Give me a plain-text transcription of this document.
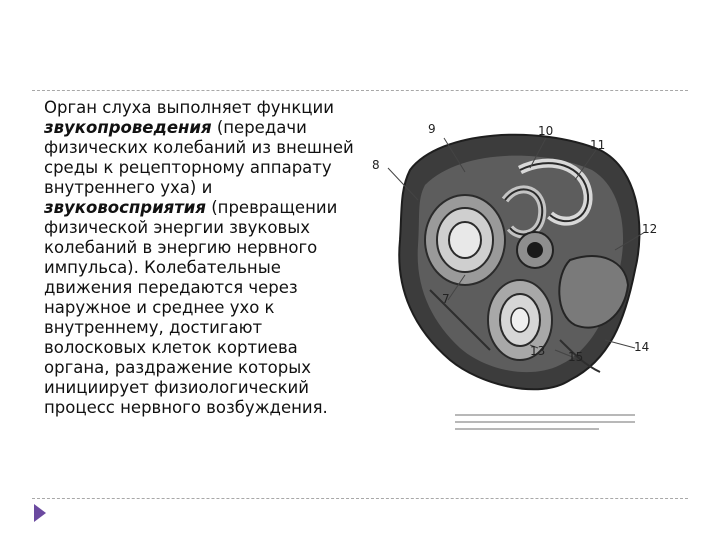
Орган слуха выполняет функции звукопроведения (передачи физических колебаний из внешней среды к рецепторному аппарату внутреннего уха) и звуковосприятия (превращении физической энергии звуковых колебаний в энергию нервного импульса). Колебательные движения передаются через наружное и среднее ухо к внутреннему, достигают волосковых клеток кортиева органа, раздражение которых инициирует физиологический процесс нервного возбуждения.
9	10
11
8
12
7
13 15
14
